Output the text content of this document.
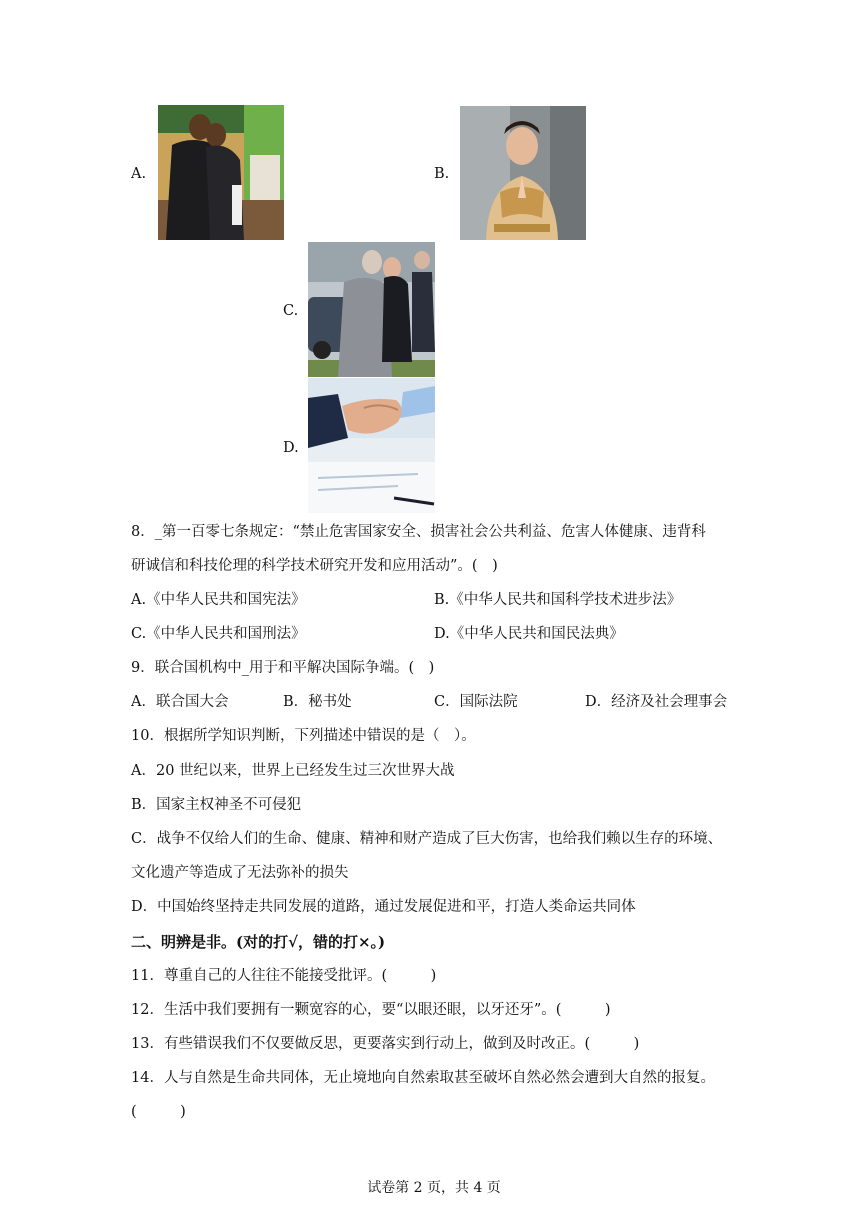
A.	B.
C.
D.
8．_第一百零七条规定：“禁止危害国家安全、损害社会公共利益、危害人体健康、违背科
研诚信和科技伦理的科学技术研究开发和应用活动”。(　)
A.《中华人民共和国宪法》	B.《中华人民共和国科学技术进步法》
C.《中华人民共和国刑法》	D.《中华人民共和国民法典》
9．联合国机构中_用于和平解决国际争端。(　)
A．联合国大会	B．秘书处	C．国际法院	D．经济及社会理事会
10．根据所学知识判断，下列描述中错误的是（　）。
A．20 世纪以来，世界上已经发生过三次世界大战
B．国家主权神圣不可侵犯
C．战争不仅给人们的生命、健康、精神和财产造成了巨大伤害，也给我们赖以生存的环境、
文化遗产等造成了无法弥补的损失
D．中国始终坚持走共同发展的道路，通过发展促进和平，打造人类命运共同体
二、明辨是非。(对的打√，错的打×。)
11．尊重自己的人往往不能接受批评。(　　　)
12．生活中我们要拥有一颗宽容的心，要“以眼还眼，以牙还牙”。(　　　)
13．有些错误我们不仅要做反思，更要落实到行动上，做到及时改正。(　　　)
14．人与自然是生命共同体，无止境地向自然索取甚至破坏自然必然会遭到大自然的报复。
(　　　)
试卷第 2 页，共 4 页
